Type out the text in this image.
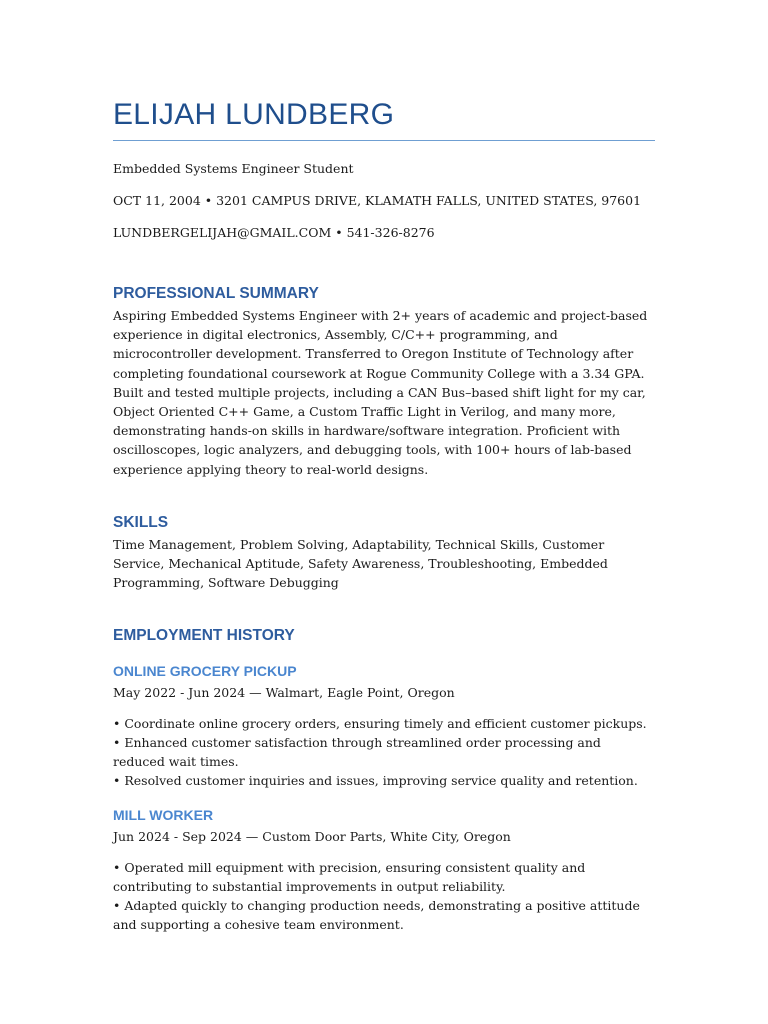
ELIJAH LUNDBERG

Embedded Systems Engineer Student

OCT 11, 2004 • 3201 CAMPUS DRIVE, KLAMATH FALLS, UNITED STATES, 97601

LUNDBERGELIJAH@GMAIL.COM • 541-326-8276

PROFESSIONAL SUMMARY

Aspiring Embedded Systems Engineer with 2+ years of academic and project-based experience in digital electronics, Assembly, C/C++ programming, and microcontroller development. Transferred to Oregon Institute of Technology after completing foundational coursework at Rogue Community College with a 3.34 GPA. Built and tested multiple projects, including a CAN Bus–based shift light for my car, Object Oriented C++ Game, a Custom Traffic Light in Verilog, and many more, demonstrating hands-on skills in hardware/software integration. Proficient with oscilloscopes, logic analyzers, and debugging tools, with 100+ hours of lab-based experience applying theory to real-world designs.

SKILLS

Time Management, Problem Solving, Adaptability, Technical Skills, Customer Service, Mechanical Aptitude, Safety Awareness, Troubleshooting, Embedded Programming, Software Debugging

EMPLOYMENT HISTORY
ONLINE GROCERY PICKUP

May 2022 - Jun 2024 — Walmart, Eagle Point, Oregon

• Coordinate online grocery orders, ensuring timely and efficient customer pickups.
• Enhanced customer satisfaction through streamlined order processing and reduced wait times.
• Resolved customer inquiries and issues, improving service quality and retention.
MILL WORKER

Jun 2024 - Sep 2024 — Custom Door Parts, White City, Oregon

• Operated mill equipment with precision, ensuring consistent quality and contributing to substantial improvements in output reliability.
• Adapted quickly to changing production needs, demonstrating a positive attitude and supporting a cohesive team environment.
